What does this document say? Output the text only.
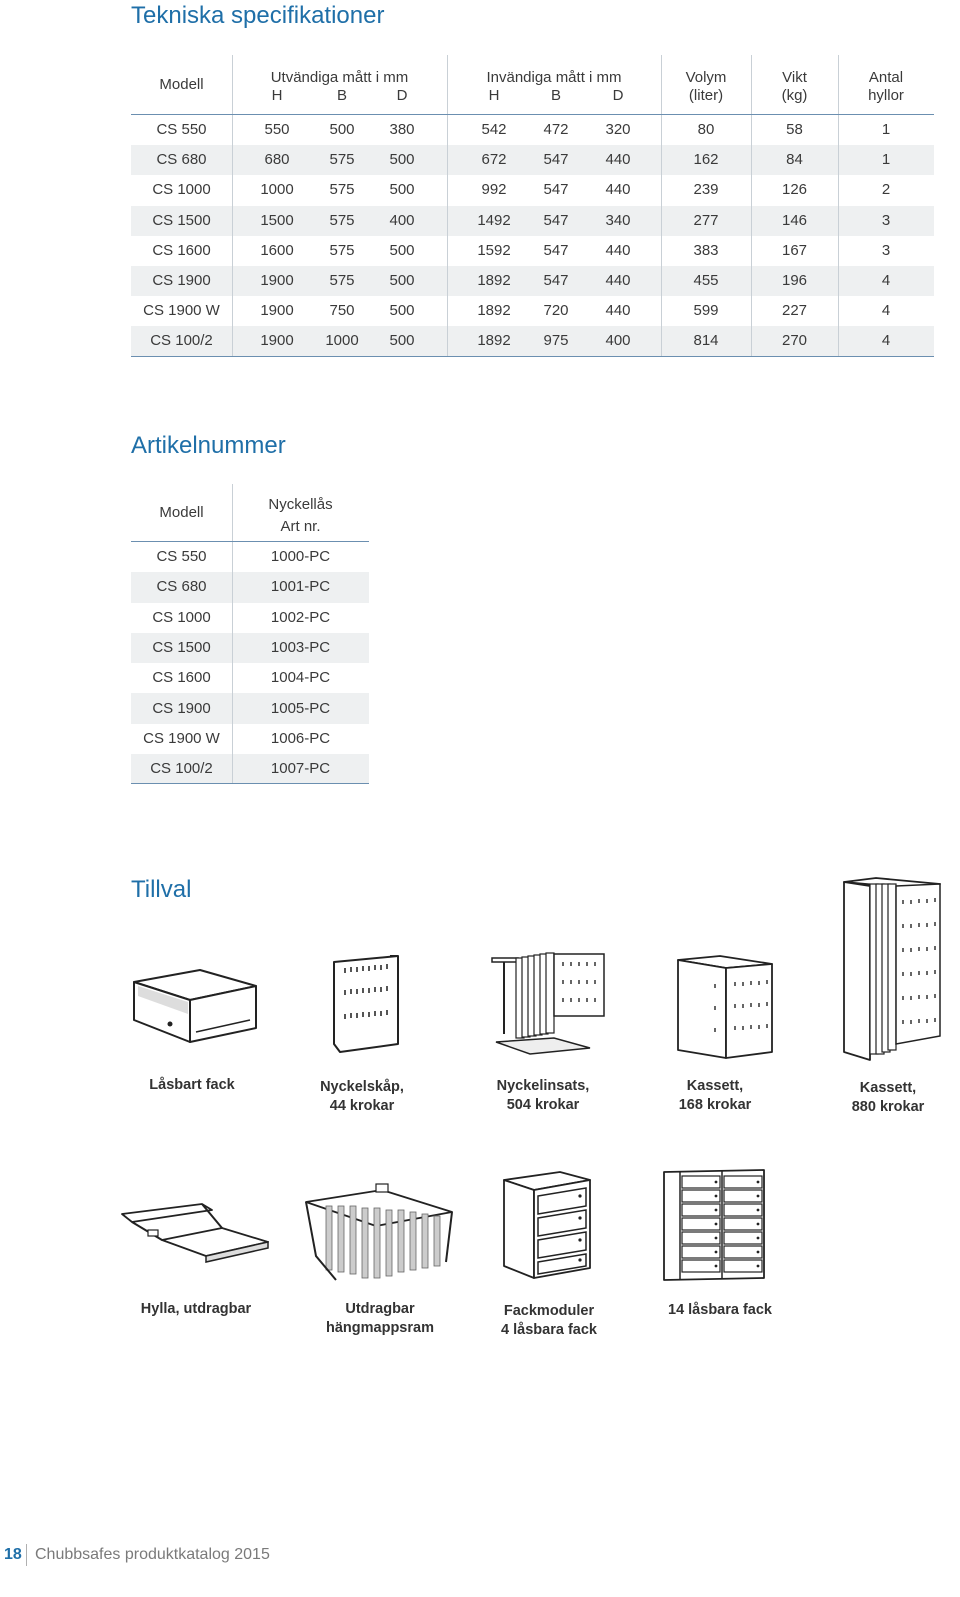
Tekniska specifikationer
Modell	Utvändiga mått i mm
H	B	D
Invändiga mått i mm
H	B	D
Volym
(liter)
Vikt
(kg)
Antal
hyllor
CS 550	550	500	380	542	472	320	80	58	1
CS 680	680	575	500	672	547	440	162	84	1
CS 1000	1000	575	500	992	547	440	239	126	2
CS 1500	1500	575	400	1492	547	340	277	146	3
CS 1600	1600	575	500	1592	547	440	383	167	3
CS 1900	1900	575	500	1892	547	440	455	196	4
CS 1900 W	1900	750	500	1892	720	440	599	227	4
CS 100/2	1900	1000	500	1892	975	400	814	270	4
Artikelnummer
Modell	Nyckellås
Art nr.
CS 550	1000-PC
CS 680	1001-PC
CS 1000	1002-PC
CS 1500	1003-PC
CS 1600	1004-PC
CS 1900	1005-PC
CS 1900 W	1006-PC
CS 100/2	1007-PC
Tillval
Låsbart fack	Nyckelskåp,
44 krokar
Nyckelinsats,
504 krokar
Kassett,
168 krokar
Kassett,
880 krokar
Hylla, utdragbar	Utdragbar
hängmappsram
Fackmoduler
4 låsbara fack
14 låsbara fack
18 Chubbsafes produktkatalog 2015
